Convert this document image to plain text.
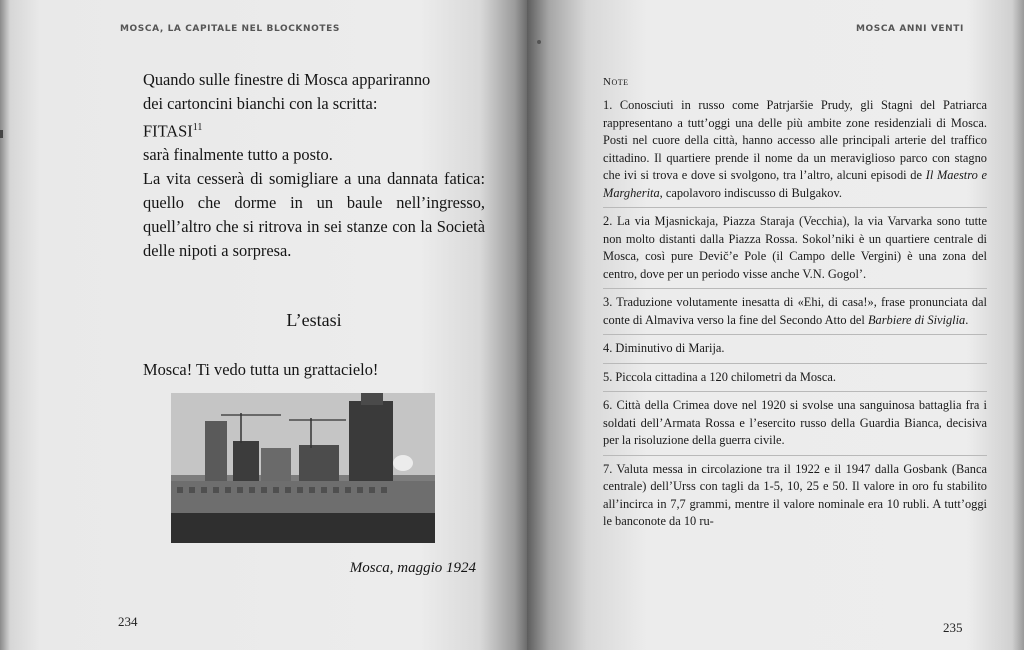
MOSCA, LA CAPITALE NEL BLOCKNOTES

Quando sulle finestre di Mosca appariranno

dei cartoncini bianchi con la scritta:

FITASI$^{11}$

sarà finalmente tutto a posto.

La vita cesserà di somigliare a una dannata fatica: quello che dorme in un baule nell’ingresso, quell’altro che si ritrova in sei stanze con la Società delle nipoti a sorpresa.

L’estasi
Mosca! Ti vedo tutta un grattacielo!
Mosca, maggio 1924
234
MOSCA ANNI VENTI

Note

1. Conosciuti in russo come Patrjaršie Prudy, gli Stagni del Patriarca rappresentano a tutt’oggi una delle più ambite zone residenziali di Mosca. Posti nel cuore della città, hanno accesso alle principali arterie del traffico cittadino. Il quartiere prende il nome da un meraviglioso parco con stagno che ivi si trova e dove si svolgono, tra l’altro, alcuni episodi de Il Maestro e Margherita, capolavoro indiscusso di Bulgakov.

2. La via Mjasnickaja, Piazza Staraja (Vecchia), la via Varvarka sono tutte non molto distanti dalla Piazza Rossa. Sokol’niki è un quartiere centrale di Mosca, così pure Devič’e Pole (il Campo delle Vergini) è una zona del centro, dove per un periodo visse anche V.N. Gogol’.

3. Traduzione volutamente inesatta di «Ehi, di casa!», frase pronunciata dal conte di Almaviva verso la fine del Secondo Atto del Barbiere di Siviglia.

4. Diminutivo di Marija.

5. Piccola cittadina a 120 chilometri da Mosca.

6. Città della Crimea dove nel 1920 si svolse una sanguinosa battaglia fra i soldati dell’Armata Rossa e l’esercito russo della Guardia Bianca, decisiva per la risoluzione della guerra civile.

7. Valuta messa in circolazione tra il 1922 e il 1947 dalla Gosbank (Banca centrale) dell’Urss con tagli da 1-5, 10, 25 e 50. Il valore in oro fu stabilito all’incirca in 7,7 grammi, mentre il valore nominale era 10 rubli. A tutt’oggi le banconote da 10 ru-

235
